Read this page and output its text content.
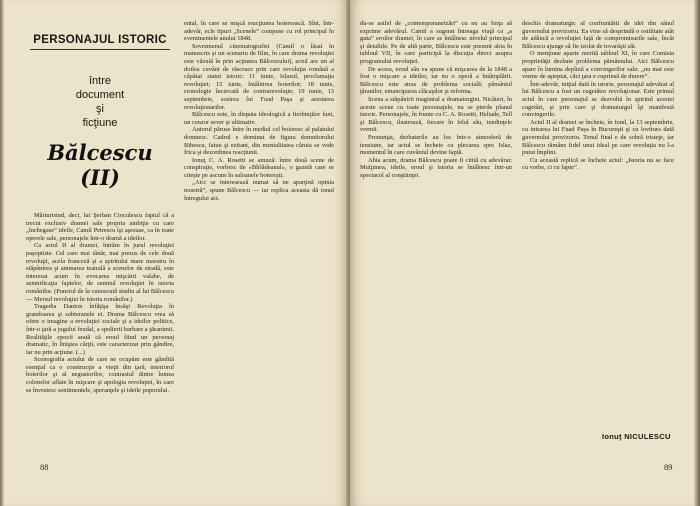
PERSONAJUL ISTORIC
între
document
şi
ficţiune
Bălcescu (II)

Mărturisind, deci, lui Şerban Cioculescu faptul că a trecut exclusiv dramei sale propria ambiţie cu care „închegase” ideile, Camil Petrescu îşi aşezase, ca în toate operele sale, personajele într-o dramă a ideilor.

Ca actul II al dramei, întrăm în jurul revoluţiei paşoptiste. Cel care mai tânăr, mai presus de cele două revoluţii, acela franceză şi a spiritului mare maestru în stăpânirea şi animarea teatrală a scenelor de stradă, este interesat acum în evocarea mişcării valahe, de semnificaţia faptelor, de semnul revoluţiei în istoria românilor. (Punctul de la cunoscută studiu al lui Bălcescu — Mersul revoluţiei în istoria românilor.)

Tragedia Danton înfăţişa însăşi Revoluţia în grandoarea şi subteranele ei. Drama Bălcescu vrea să ofere o imagine a revoluţiei sociale şi a ideilor politice, într-o ţară a jugului feudal, a spolierii barbare a ţăranimii. Realităţile epocii arată că eroul fiind un personaj dramatic, în liniştea cărţii, este caracterizat prin gândire, iar nu prin acţiune. (...)

Scenografia actului de care ne ocupăm este gândită esenţial ca o construcţie a vieţii din ţară, interiorul boierilor şi al negustorilor, contrastul dintre lumea colonelor aflate în mişcare şi apologia revoluţiei, în care se învestesc sentimentele, speranţele şi ideile poporului.

ental, în care se mişcă reacţiunea boierească. Sînt, într-adevăr, ecle tipuri „Scenele” compuse cu rol principal în evenimentele anului 1848.

Sovremenul cinematografiei (Camil o lăsat în manuscris şi un scenariu de film, în care drama revoluţiei este văzută în prin acţiunea Bălcescului), actul are un al doilea cuvânt de răscruce prin care revoluţia română a căpătat statut istoric: 11 iunie, Islazul, proclamaţia revoluţiei; 15 iunie, întâlnirea boierilor; 18 iunie, cronologie încercată de contrarevoluţie; 19 iunie, 13 septembrie, sosirea lui Fuad Paşa şi arestarea revoluţionarilor.

Bălcescu este, în disputa ideologică a fierbinţilor luni, un cenzor sever şi ultimativ.

Autorul păruse între în mediul cel boieresc al palatului domnesc. Cadrul e dominat de figura domnitorului Bibescu, fatuu şi ezitant, din mentalitatea căruia se vede frica şi dezordinea reacţiunii.

Ionuţ C. A. Rosetti se amuză: între două scene de conspiraţie, vorbesc de «Bîrlădeanul», o gazetă care se citeşte pe ascuns în saloanele boiereşti.

„Aici se interesează numai să ne aparţină opinia noastră”, spune Bălcescu — iar replica aceasta dă tonul întregului act.

88

du-se astfel de „contemporaneizări” cu nu au forţa să exprime adevărul. Camil a sugerat întreaga viaţă ca „a guta” eroilor dramei, în care se întâlnesc nivelul principal şi detaliile. Pe de altă parte, Bălcescu este prezent abia în tabloul VII, în care participă la discuţia direct asupra programului revoluţiei.

De aceea, eroul său va spune că mişcarea de la 1848 a fost o mişcare a ideilor, iar nu o operă a întâmplării. Bălcescu este atras de problema socială: pământul ţăranilor, emanciparea clăcaşilor şi reforma.

Scena a stăpânirii magistral a dramaturgiei. Nicăieri, în aceste scene cu toate personajele, nu se pierde planul istoric. Personajele, în frunte cu C. A. Rosetti, Heliade, Tell şi Bălcescu, ilustrează, fiecare în felul său, tendinţele vremii.

Pronunţat, dezbaterile au loc într-o atmosferă de tensiune, iar actul se încheie cu plecarea spre Islaz, momentul în care cuvântul devine faptă.

Ahia acum, drama Bălcescu poate fi citită cu adevărat: Mulţimea, ideile, eroul şi istoria se întâlnesc într-un spectacol al conştiinţei.

deschis dramaturgic al confruntării de idei din sânul guvernului provizoriu. Ea vine să desprindă o ostilitate atât de adâncă a revoluţiei faţă de compromisurile sale, încât Bălcescu ajunge să fie izolat de tovarăşii săi.

O menţiune aparte merită tabloul XI, în care Comisia proprietăţii dezbate problema pământului. Aici Bălcescu apare în lumina deplină a convingerilor sale: „nu mai este vreme de aşteptat, căci ţara e cuprinsă de durere”.

Într-adevăr, iniţial dată în istorie, personajul adevărat al lui Bălcescu a fost un cugetător revoluţionar. Este primul actul în care personajul se dezvoltă în spiritul acestei cugetări, şi prin care şi dramaturgul îşi manifestă convingerile.

Actul II al dramei se încheie, în fond, la 13 septembrie, cu intrarea lui Fuad Paşa în Bucureşti şi cu lovitura dată guvernului provizoriu. Tonul final e de sobră tristeţe, iar Bălcescu rămâne fidel unui ideal pe care revoluţia nu l-a putut împlini.

Cu această replică se încheie actul: „Istoria nu se face cu vorbe, ci cu fapte”.

Ionuţ NICULESCU
89
